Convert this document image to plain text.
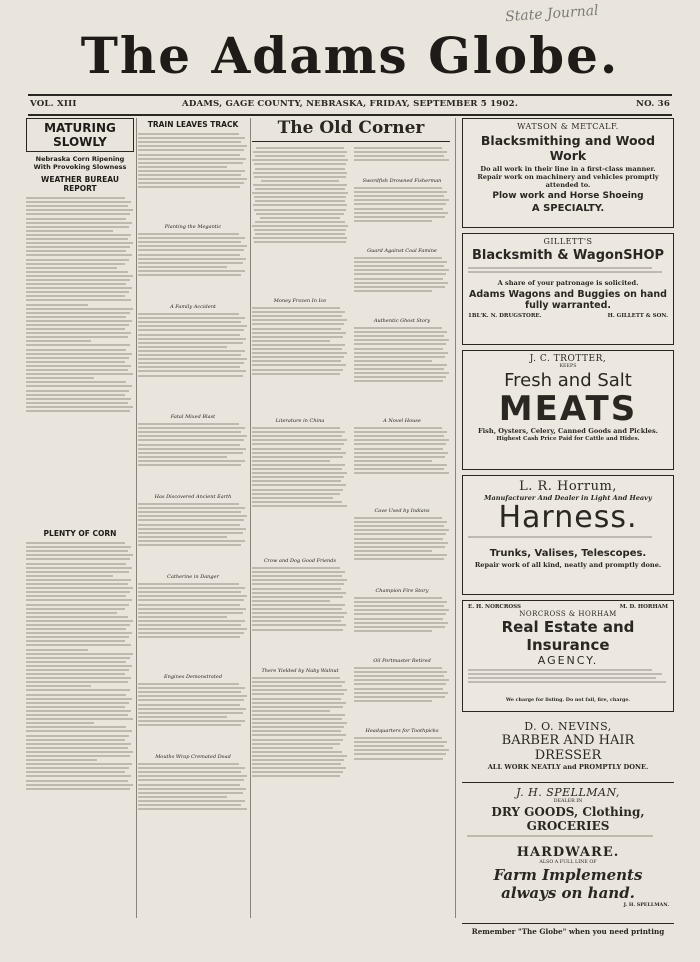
State Journal
The Adams Globe.
VOL. XIII	ADAMS, GAGE COUNTY, NEBRASKA, FRIDAY, SEPTEMBER 5 1902.	NO. 36
MATURING SLOWLY
Nebraska Corn Ripening With Provoking Slowness
WEATHER BUREAU REPORT
PLENTY OF CORN
TRAIN LEAVES TRACK
Planting the Megantic
A Family Accident
Fatal Mixed Blast
Has Discovered Ancient Earth
Catherine in Danger
Engines Demonstrated
Mouths Wrap Cremated Dead
The Old Corner
Money Frozen In Ice
Literature in China
Crow and Dog Good Friends
There Yielded by Naby Walnut
Swordfish Drowned Fisherman
Guard Against Coal Famine
Authentic Ghost Story
A Novel House
Cave Used by Indians
Champion Fire Story
Oil Portmaster Retired
Headquarters for Toothpicks
WATSON & METCALF.
Blacksmithing and Wood Work
Do all work in their line in a first-class manner.
Repair work on machinery and vehicles promptly attended to.
Plow work and Horse Shoeing
A SPECIALTY.
GILLETT'S
Blacksmith & WagonSHOP
A share of your patronage is solicited.
Adams Wagons and Buggies on hand fully warranted.
1BL'K. N. DRUGSTORE.	H. GILLETT & SON.
J. C. TROTTER,
KEEPS
Fresh and Salt
MEATS
Fish, Oysters, Celery, Canned Goods and Pickles.
Highest Cash Price Paid for Cattle and Hides.
L. R. Horrum,
Manufacturer And Dealer in Light And Heavy
Harness.
Trunks, Valises, Telescopes.
Repair work of all kind, neatly and promptly done.
E. H. NORCROSS	M. D. HORHAM
NORCROSS & HORHAM
Real Estate and Insurance
AGENCY.
We charge for listing. Do not fail, fire, charge.
D. O. NEVINS,
BARBER AND HAIR DRESSER
ALL WORK NEATLY and PROMPTLY DONE.
J. H. SPELLMAN,
DEALER IN
DRY GOODS, Clothing, GROCERIES
HARDWARE.
ALSO A FULL LINE OF
Farm Implements always on hand.
J. H. SPELLMAN.
Remember "The Globe" when you need printing
